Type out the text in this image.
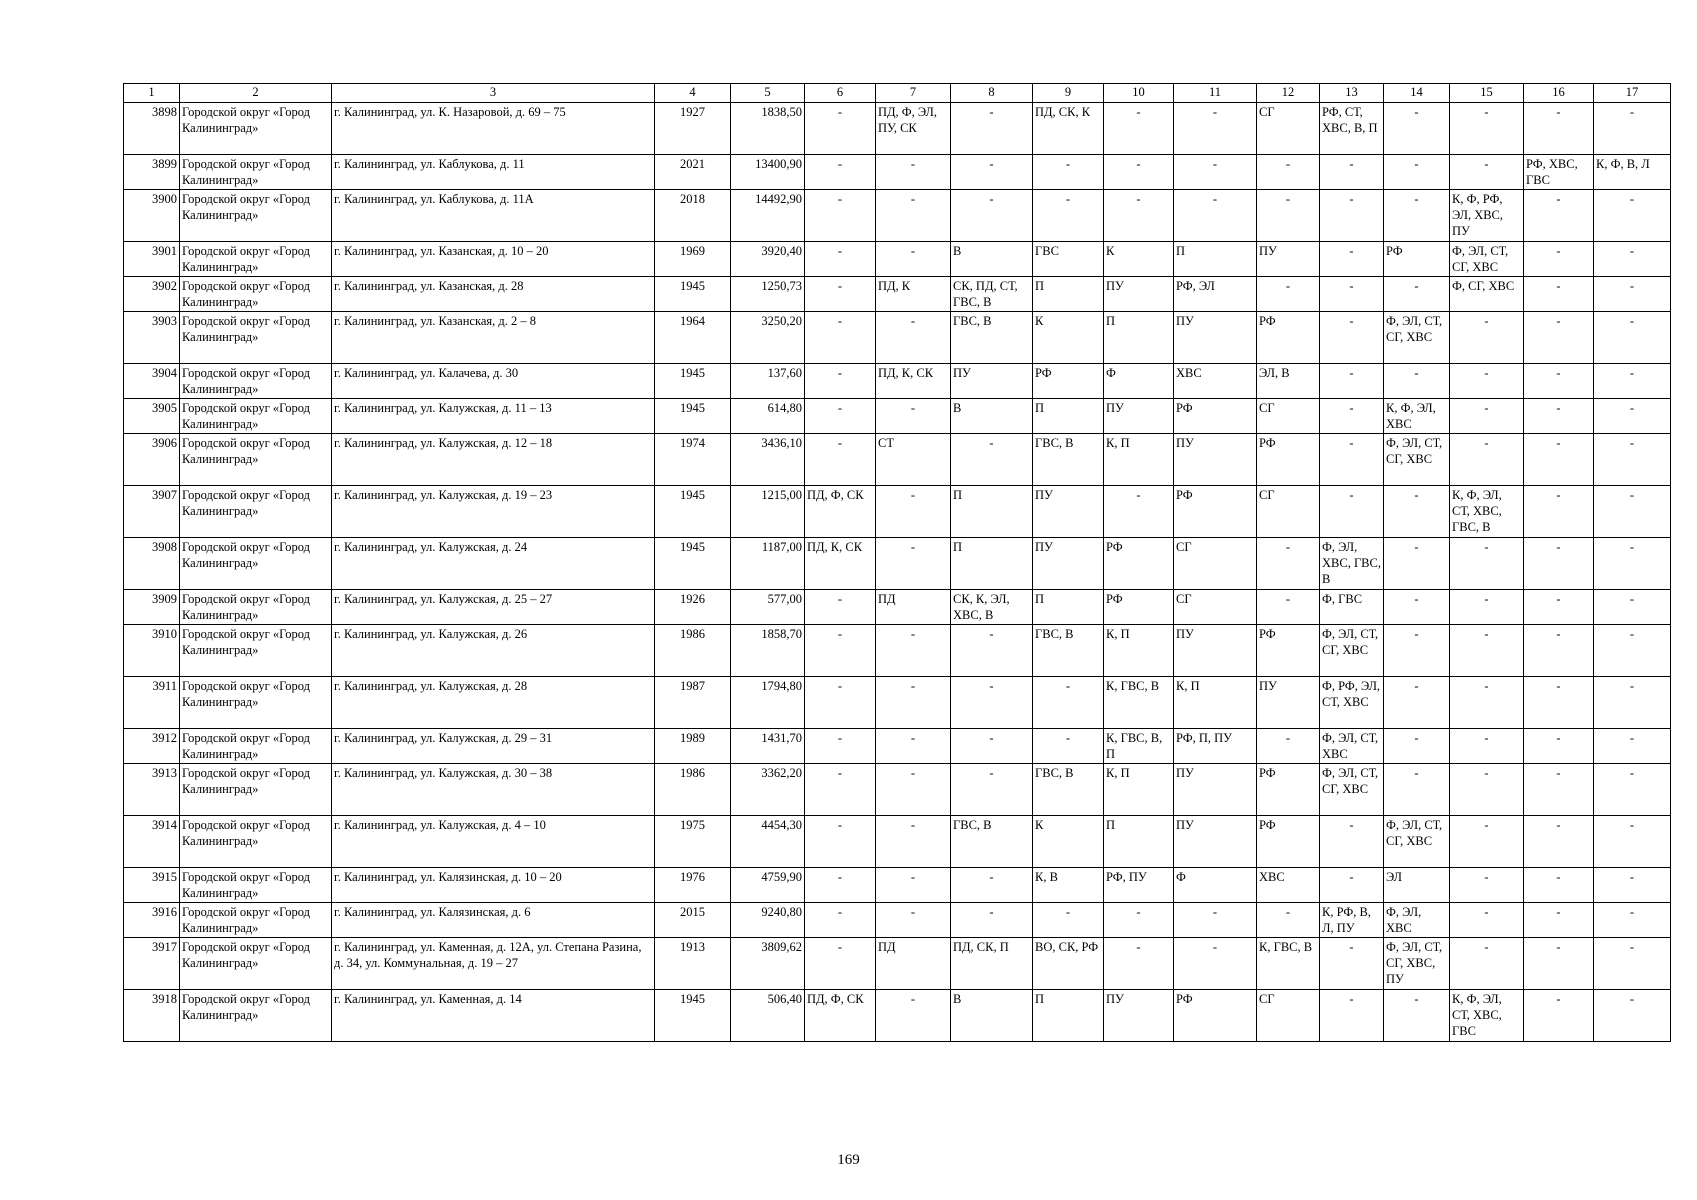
1	2	3	4	5	6	7	8	9	10	11	12	13	14	15	16	17
3898	Городской округ «Город Калининград»	г. Калининград, ул. К. Назаровой, д. 69 – 75	1927	1838,50	-	ПД, Ф, ЭЛ, ПУ, СК	-	ПД, СК, К	-	-	СГ	РФ, СТ, ХВС, В, П	-	-	-	-
3899	Городской округ «Город Калининград»	г. Калининград, ул. Каблукова, д. 11	2021	13400,90	-	-	-	-	-	-	-	-	-	-	РФ, ХВС, ГВС	К, Ф, В, Л
3900	Городской округ «Город Калининград»	г. Калининград, ул. Каблукова, д. 11А	2018	14492,90	-	-	-	-	-	-	-	-	-	К, Ф, РФ, ЭЛ, ХВС, ПУ	-	-
3901	Городской округ «Город Калининград»	г. Калининград, ул. Казанская, д. 10 – 20	1969	3920,40	-	-	В	ГВС	К	П	ПУ	-	РФ	Ф, ЭЛ, СТ, СГ, ХВС	-	-
3902	Городской округ «Город Калининград»	г. Калининград, ул. Казанская, д. 28	1945	1250,73	-	ПД, К	СК, ПД, СТ, ГВС, В	П	ПУ	РФ, ЭЛ	-	-	-	Ф, СГ, ХВС	-	-
3903	Городской округ «Город Калининград»	г. Калининград, ул. Казанская, д. 2 – 8	1964	3250,20	-	-	ГВС, В	К	П	ПУ	РФ	-	Ф, ЭЛ, СТ, СГ, ХВС	-	-	-
3904	Городской округ «Город Калининград»	г. Калининград, ул. Калачева, д. 30	1945	137,60	-	ПД, К, СК	ПУ	РФ	Ф	ХВС	ЭЛ, В	-	-	-	-	-
3905	Городской округ «Город Калининград»	г. Калининград, ул. Калужская, д. 11 – 13	1945	614,80	-	-	В	П	ПУ	РФ	СГ	-	К, Ф, ЭЛ, ХВС	-	-	-
3906	Городской округ «Город Калининград»	г. Калининград, ул. Калужская, д. 12 – 18	1974	3436,10	-	СТ	-	ГВС, В	К, П	ПУ	РФ	-	Ф, ЭЛ, СТ, СГ, ХВС	-	-	-
3907	Городской округ «Город Калининград»	г. Калининград, ул. Калужская, д. 19 – 23	1945	1215,00	ПД, Ф, СК	-	П	ПУ	-	РФ	СГ	-	-	К, Ф, ЭЛ, СТ, ХВС, ГВС, В	-	-
3908	Городской округ «Город Калининград»	г. Калининград, ул. Калужская, д. 24	1945	1187,00	ПД, К, СК	-	П	ПУ	РФ	СГ	-	Ф, ЭЛ, ХВС, ГВС, В	-	-	-	-
3909	Городской округ «Город Калининград»	г. Калининград, ул. Калужская, д. 25 – 27	1926	577,00	-	ПД	СК, К, ЭЛ, ХВС, В	П	РФ	СГ	-	Ф, ГВС	-	-	-	-
3910	Городской округ «Город Калининград»	г. Калининград, ул. Калужская, д. 26	1986	1858,70	-	-	-	ГВС, В	К, П	ПУ	РФ	Ф, ЭЛ, СТ, СГ, ХВС	-	-	-	-
3911	Городской округ «Город Калининград»	г. Калининград, ул. Калужская, д. 28	1987	1794,80	-	-	-	-	К, ГВС, В	К, П	ПУ	Ф, РФ, ЭЛ, СТ, ХВС	-	-	-	-
3912	Городской округ «Город Калининград»	г. Калининград, ул. Калужская, д. 29 – 31	1989	1431,70	-	-	-	-	К, ГВС, В, П	РФ, П, ПУ	-	Ф, ЭЛ, СТ, ХВС	-	-	-	-
3913	Городской округ «Город Калининград»	г. Калининград, ул. Калужская, д. 30 – 38	1986	3362,20	-	-	-	ГВС, В	К, П	ПУ	РФ	Ф, ЭЛ, СТ, СГ, ХВС	-	-	-	-
3914	Городской округ «Город Калининград»	г. Калининград, ул. Калужская, д. 4 – 10	1975	4454,30	-	-	ГВС, В	К	П	ПУ	РФ	-	Ф, ЭЛ, СТ, СГ, ХВС	-	-	-
3915	Городской округ «Город Калининград»	г. Калининград, ул. Калязинская, д. 10 – 20	1976	4759,90	-	-	-	К, В	РФ, ПУ	Ф	ХВС	-	ЭЛ	-	-	-
3916	Городской округ «Город Калининград»	г. Калининград, ул. Калязинская, д. 6	2015	9240,80	-	-	-	-	-	-	-	К, РФ, В, Л, ПУ	Ф, ЭЛ, ХВС	-	-	-
3917	Городской округ «Город Калининград»	г. Калининград, ул. Каменная, д. 12А, ул. Степана Разина, д. 34, ул. Коммунальная, д. 19 – 27	1913	3809,62	-	ПД	ПД, СК, П	ВО, СК, РФ	-	-	К, ГВС, В	-	Ф, ЭЛ, СТ, СГ, ХВС, ПУ	-	-	-
3918	Городской округ «Город Калининград»	г. Калининград, ул. Каменная, д. 14	1945	506,40	ПД, Ф, СК	-	В	П	ПУ	РФ	СГ	-	-	К, Ф, ЭЛ, СТ, ХВС, ГВС	-	-
169
